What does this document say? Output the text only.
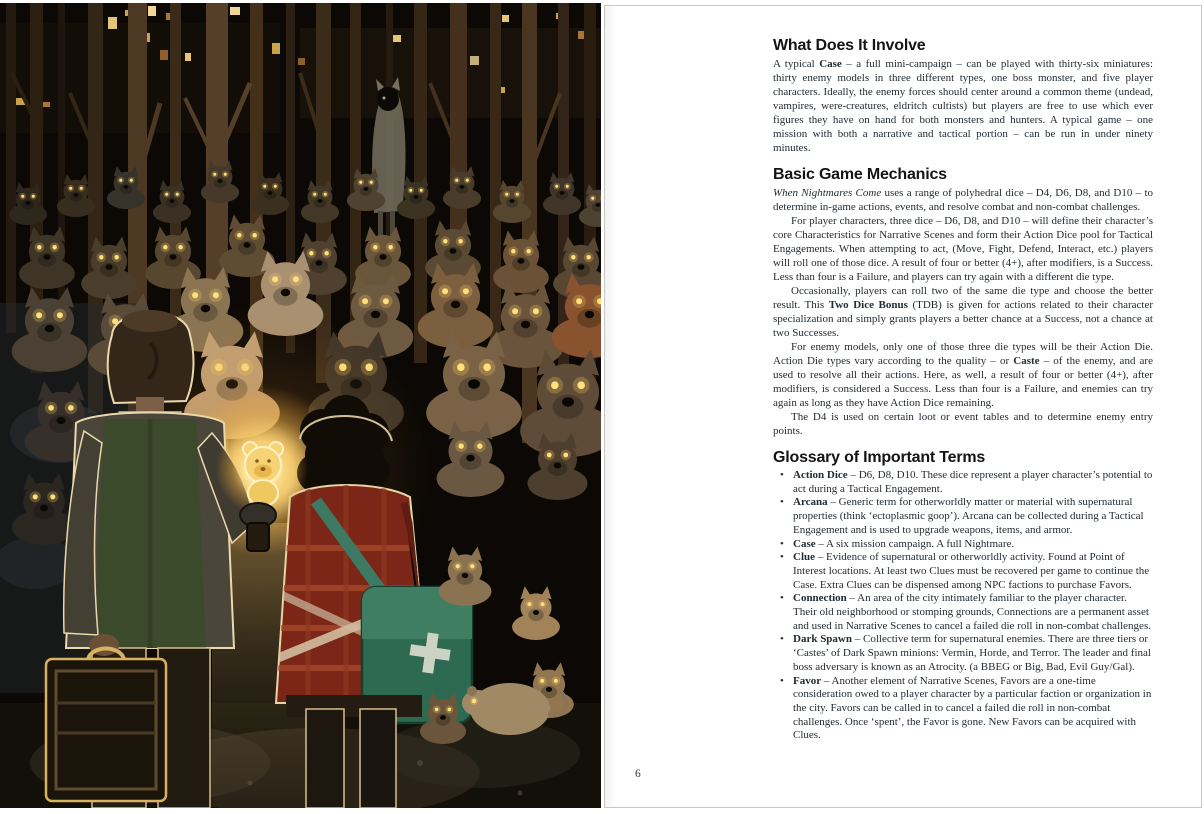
What Does It Involve

A typical Case – a full mini-campaign – can be played with thirty-six miniatures: thirty enemy models in three different types, one boss monster, and five player characters. Ideally, the enemy forces should center around a common theme (undead, vampires, were-creatures, eldritch cultists) but players are free to use which ever figures they have on hand for both monsters and hunters. A typical game – one mission with both a narrative and tactical portion – can be run in under ninety minutes.

Basic Game Mechanics

When Nightmares Come uses a range of polyhedral dice – D4, D6, D8, and D10 – to determine in-game actions, events, and resolve combat and non-combat challenges.

For player characters, three dice – D6, D8, and D10 – will define their character’s core Characteristics for Narrative Scenes and form their Action Dice pool for Tactical Engagements. When attempting to act, (Move, Fight, Defend, Interact, etc.) players will roll one of those dice. A result of four or better (4+), after modifiers, is a Success. Less than four is a Failure, and players can try again with a different die type.

Occasionally, players can roll two of the same die type and choose the better result. This Two Dice Bonus (TDB) is given for actions related to their character specialization and simply grants players a better chance at a Success, not a chance at two Successes.

For enemy models, only one of those three die types will be their Action Die. Action Die types vary according to the quality – or Caste – of the enemy, and are used to resolve all their actions. Here, as well, a result of four or better (4+), after modifiers, is considered a Success. Less than four is a Failure, and enemies can try again as long as they have Action Dice remaining.

The D4 is used on certain loot or event tables and to determine enemy entry points.

Glossary of Important Terms
• Action Dice – D6, D8, D10. These dice represent a player character’s potential to act during a Tactical Engagement.
• Arcana – Generic term for otherworldly matter or material with supernatural properties (think ‘ectoplasmic goop’). Arcana can be collected during a Tactical Engagement and is used to upgrade weapons, items, and armor.
• Case – A six mission campaign. A full Nightmare.
• Clue – Evidence of supernatural or otherworldly activity. Found at Point of Interest locations. At least two Clues must be recovered per game to continue the Case. Extra Clues can be dispensed among NPC factions to purchase Favors.
• Connection – An area of the city intimately familiar to the player character. Their old neighborhood or stomping grounds, Connections are a permanent asset and used in Narrative Scenes to cancel a failed die roll in non-combat challenges.
• Dark Spawn – Collective term for supernatural enemies. There are three tiers or ‘Castes’ of Dark Spawn minions: Vermin, Horde, and Terror. The leader and final boss adversary is known as an Atrocity. (a BBEG or Big, Bad, Evil Guy/Gal).
• Favor – Another element of Narrative Scenes, Favors are a one-time consideration owed to a player character by a particular faction or organization in the city. Favors can be called in to cancel a failed die roll in non-combat challenges. Once ‘spent’, the Favor is gone. New Favors can be acquired with Clues.
6
